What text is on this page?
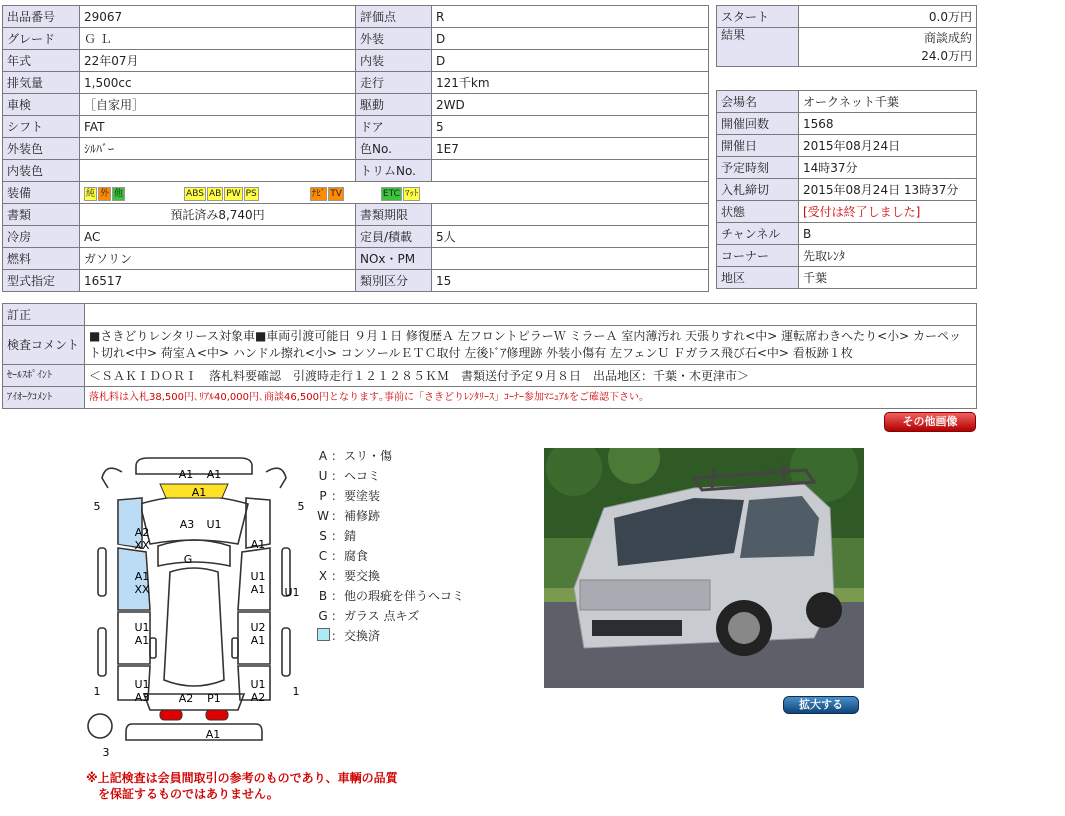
出品番号	29067	評価点	R
グレード	Ｇ Ｌ	外装	D
年式	22年07月	内装	D
排気量	1,500cc	走行	121千km
車検	［自家用］	駆動	2WD
シフト	FAT	ドア	5
外装色	ｼﾙﾊﾞｰ	色No.	1E7
内装色		トリムNo.	
装備	純 外 他 ABS AB PW PS ﾅﾋﾞ TV ETC ﾏｯﾄ		
書類	預託済み8,740円	書類期限	
冷房	AC	定員/積載	5人
燃料	ガソリン	NOx・PM	
型式指定	16517	類別区分	15
スタート	0.0万円
結果	商談成約
24.0万円
会場名	オークネット千葉
開催回数	1568
開催日	2015年08月24日
予定時刻	14時37分
入札締切	2015年08月24日 13時37分
状態	[受付は終了しました]
チャンネル	B
コーナー	先取ﾚﾝﾀ
地区	千葉
訂正	
検査コメント	■さきどりレンタリース対象車■車両引渡可能日 ９月１日 修復歴Ａ 左フロントピラーＷ ミラーＡ 室内薄汚れ 天張りすれ<中> 運転席わきへたり<小> カーペット切れ<中> 荷室Ａ<中> ハンドル擦れ<小> コンソールＥＴＣ取付 左後ﾄﾞｱ修理跡 外装小傷有 左フェンＵ Ｆガラス飛び石<中> 看板跡１枚
ｾｰﾙｽﾎﾟｲﾝﾄ	＜ＳＡＫＩＤＯＲＩ　落札料要確認　引渡時走行１２１２８５ＫＭ　書類送付予定９月８日　出品地区：千葉・木更津市＞
ｱｲｵｰｸｺﾒﾝﾄ	落札料は入札38,500円､ﾘｱﾙ40,000円､商談46,500円となります｡事前に「さきどりﾚﾝﾀﾘｰｽ」ｺｰﾅｰ参加ﾏﾆｭｱﾙをご確認下さい｡
その他画像
A1 A1
A1
A3 U1
G
A2
XX
A1
XX
U1
A1
U1
A3
A1
U1
A1
U2
A1
U1
A2
U1
A2 P1
A1
5	5
1	1
3
A ： スリ・傷
U ： ヘコミ
P ： 要塗装
W ： 補修跡
S ： 錆
C ： 腐食
X ： 要交換
B ： 他の瑕疵を伴うヘコミ
G ： ガラス 点キズ
： 交換済
拡大する
※上記検査は会員間取引の参考のものであり、車輌の品質
を保証するものではありません。
